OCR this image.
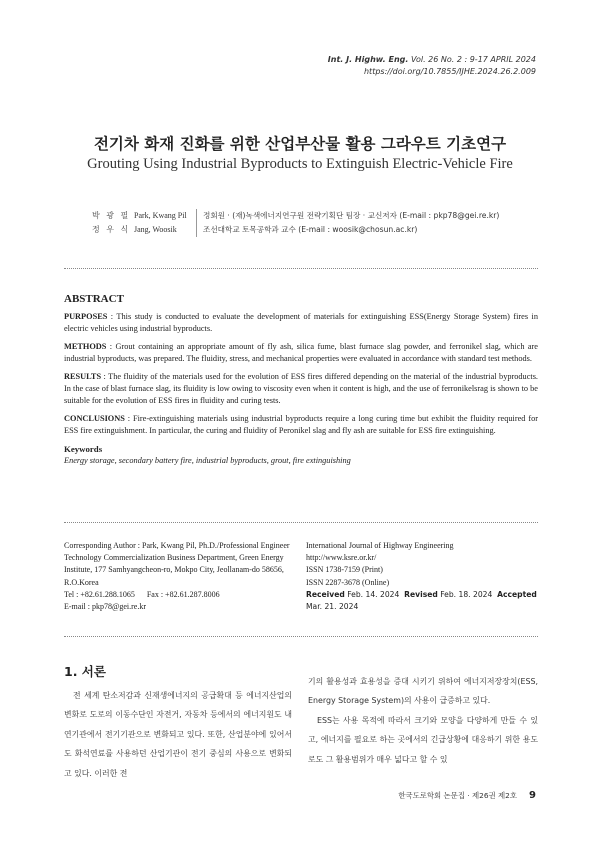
Int. J. Highw. Eng. Vol. 26 No. 2 : 9-17 APRIL 2024
https://doi.org/10.7855/IJHE.2024.26.2.009
전기차 화재 진화를 위한 산업부산물 활용 그라우트 기초연구
Grouting Using Industrial Byproducts to Extinguish Electric-Vehicle Fire
박 광 필 Park, Kwang Pil	정회원 · (재)녹색에너지연구원 전략기획단 팀장 · 교신저자 (E-mail : pkp78@gei.re.kr)
정 우 식 Jang, Woosik	조선대학교 토목공학과 교수 (E-mail : woosik@chosun.ac.kr)
ABSTRACT

PURPOSES : This study is conducted to evaluate the development of materials for extinguishing ESS(Energy Storage System) fires in electric vehicles using industrial byproducts.

METHODS : Grout containing an appropriate amount of fly ash, silica fume, blast furnace slag powder, and ferronikel slag, which are industrial byproducts, was prepared. The fluidity, stress, and mechanical properties were evaluated in accordance with standard test methods.

RESULTS : The fluidity of the materials used for the evolution of ESS fires differed depending on the material of the industrial byproducts. In the case of blast furnace slag, its fluidity is low owing to viscosity even when it content is high, and the use of ferronikelsrag is shown to be suitable for the evolution of ESS fires in fluidity and curing tests.

CONCLUSIONS : Fire-extinguishing materials using industrial byproducts require a long curing time but exhibit the fluidity required for ESS fire extinguishment. In particular, the curing and fluidity of Peronikel slag and fly ash are suitable for ESS fire extinguishing.

Keywords
Energy storage, secondary battery fire, industrial byproducts, grout, fire extinguishing
Corresponding Author : Park, Kwang Pil, Ph.D./Professional Engineer
Technology Commercialization Business Department, Green Energy
Institute, 177 Samhyangcheon-ro, Mokpo City, Jeollanam-do 58656,
R.O.Korea
Tel : +82.61.288.1065      Fax : +82.61.287.8006
E-mail : pkp78@gei.re.kr
International Journal of Highway Engineering
http://www.ksre.or.kr/
ISSN 1738-7159 (Print)
ISSN 2287-3678 (Online)
Received Feb. 14. 2024 Revised Feb. 18. 2024 Accepted Mar. 21. 2024
1. 서론

전 세계 탄소저감과 신재생에너지의 공급확대 등 에너지산업의 변화로 도로의 이동수단인 자전거, 자동차 등에서의 에너지원도 내연기관에서 전기기관으로 변화되고 있다. 또한, 산업분야에 있어서도 화석연료를 사용하던 산업기관이 전기 중심의 사용으로 변화되고 있다. 이러한 전

기의 활용성과 효용성을 증대 시키기 위하여 에너지저장장치(ESS, Energy Storage System)의 사용이 급증하고 있다.

ESS는 사용 목적에 따라서 크기와 모양을 다양하게 만들 수 있고, 에너지를 필요로 하는 곳에서의 긴급상황에 대응하기 위한 용도로도 그 활용범위가 매우 넓다고 할 수 있

한국도로학회 논문집 · 제26권 제2호 9
